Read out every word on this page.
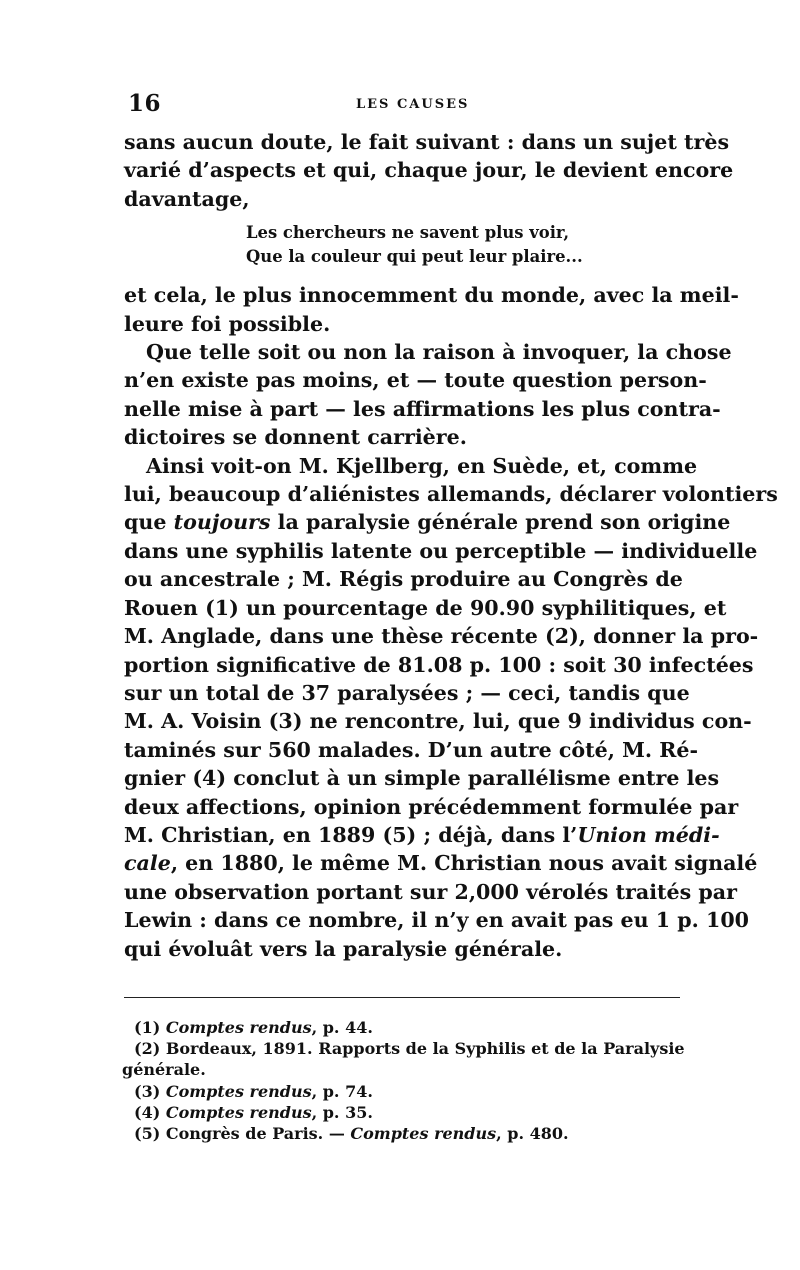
16	LES CAUSES

sans aucun doute, le fait suivant : dans un sujet très
varié d’aspects et qui, chaque jour, le devient encore
davantage,

Les chercheurs ne savent plus voir,
Que la couleur qui peut leur plaire...

et cela, le plus innocemment du monde, avec la meil-
leure foi possible.

Que telle soit ou non la raison à invoquer, la chose
n’en existe pas moins, et — toute question person-
nelle mise à part — les affirmations les plus contra-
dictoires se donnent carrière.

Ainsi voit-on M. Kjellberg, en Suède, et, comme
lui, beaucoup d’aliénistes allemands, déclarer volontiers
que toujours la paralysie générale prend son origine
dans une syphilis latente ou perceptible — individuelle
ou ancestrale ; M. Régis produire au Congrès de
Rouen (1) un pourcentage de 90.90 syphilitiques, et
M. Anglade, dans une thèse récente (2), donner la pro-
portion significative de 81.08 p. 100 : soit 30 infectées
sur un total de 37 paralysées ; — ceci, tandis que
M. A. Voisin (3) ne rencontre, lui, que 9 individus con-
taminés sur 560 malades. D’un autre côté, M. Ré-
gnier (4) conclut à un simple parallélisme entre les
deux affections, opinion précédemment formulée par
M. Christian, en 1889 (5) ; déjà, dans l’Union médi-
cale, en 1880, le même M. Christian nous avait signalé
une observation portant sur 2,000 vérolés traités par
Lewin : dans ce nombre, il n’y en avait pas eu 1 p. 100
qui évoluât vers la paralysie générale.

(1) Comptes rendus, p. 44.
(2) Bordeaux, 1891. Rapports de la Syphilis et de la Paralysie
générale.
(3) Comptes rendus, p. 74.
(4) Comptes rendus, p. 35.
(5) Congrès de Paris. — Comptes rendus, p. 480.
